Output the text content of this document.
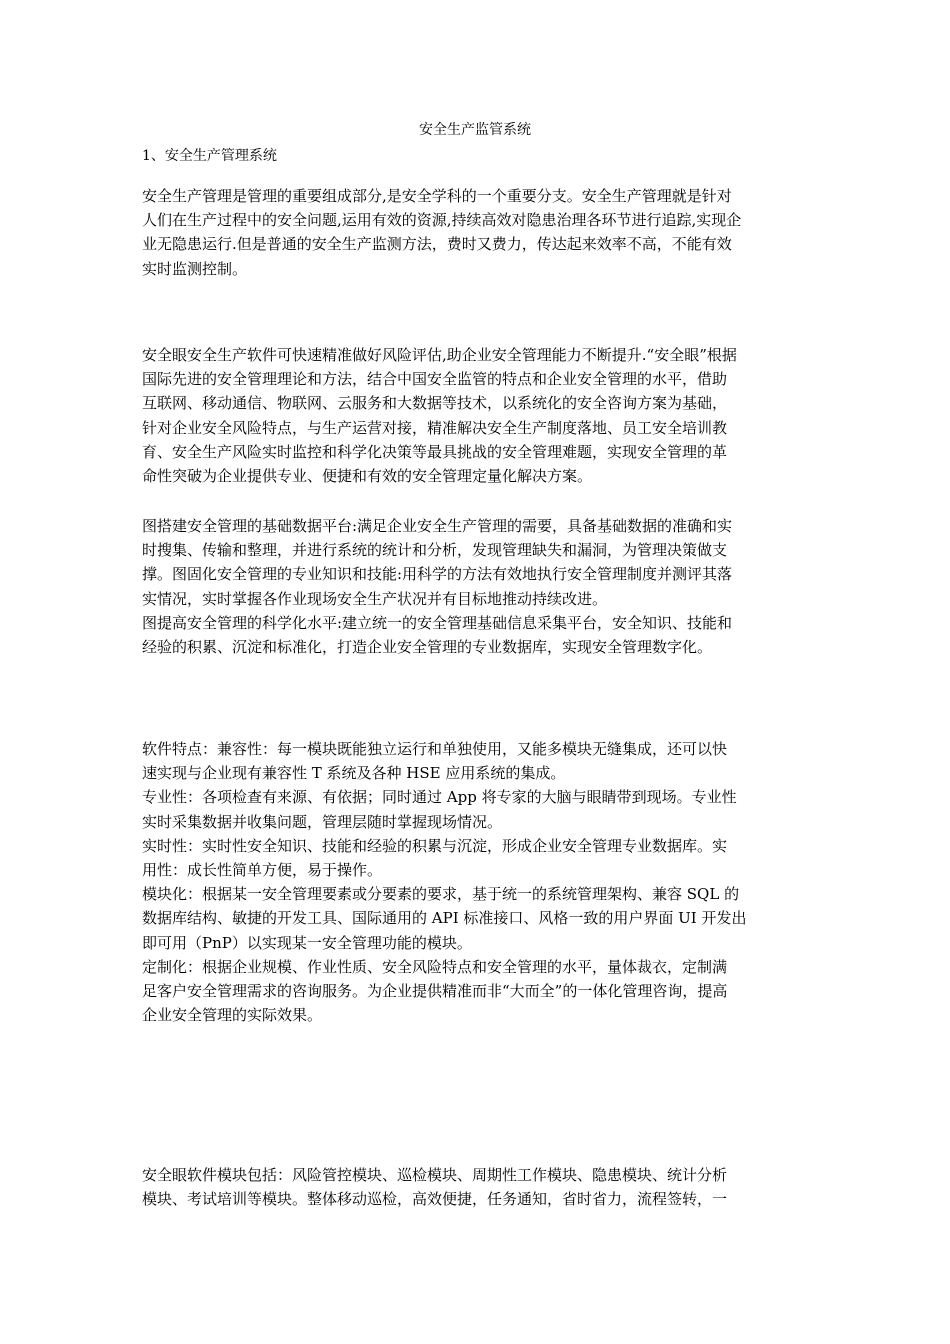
安全生产监管系统
1、安全生产管理系统
安全生产管理是管理的重要组成部分,是安全学科的一个重要分支。安全生产管理就是针对
人们在生产过程中的安全问题,运用有效的资源,持续高效对隐患治理各环节进行追踪,实现企
业无隐患运行.但是普通的安全生产监测方法，费时又费力，传达起来效率不高，不能有效
实时监测控制。
安全眼安全生产软件可快速精准做好风险评估,助企业安全管理能力不断提升.“安全眼”根据
国际先进的安全管理理论和方法，结合中国安全监管的特点和企业安全管理的水平，借助
互联网、移动通信、物联网、云服务和大数据等技术，以系统化的安全咨询方案为基础，
针对企业安全风险特点，与生产运营对接，精准解决安全生产制度落地、员工安全培训教
育、安全生产风险实时监控和科学化决策等最具挑战的安全管理难题，实现安全管理的革
命性突破为企业提供专业、便捷和有效的安全管理定量化解决方案。
图搭建安全管理的基础数据平台:满足企业安全生产管理的需要，具备基础数据的准确和实
时搜集、传输和整理，并进行系统的统计和分析，发现管理缺失和漏洞，为管理决策做支
撑。图固化安全管理的专业知识和技能:用科学的方法有效地执行安全管理制度并测评其落
实情况，实时掌握各作业现场安全生产状况并有目标地推动持续改进。
图提高安全管理的科学化水平:建立统一的安全管理基础信息采集平台，安全知识、技能和
经验的积累、沉淀和标准化，打造企业安全管理的专业数据库，实现安全管理数字化。
软件特点：兼容性：每一模块既能独立运行和单独使用，又能多模块无缝集成，还可以快
速实现与企业现有兼容性 T 系统及各种 HSE 应用系统的集成。
专业性：各项检查有来源、有依据；同时通过 App 将专家的大脑与眼睛带到现场。专业性
实时采集数据并收集问题，管理层随时掌握现场情况。
实时性：实时性安全知识、技能和经验的积累与沉淀，形成企业安全管理专业数据库。实
用性：成长性简单方便，易于操作。
模块化：根据某一安全管理要素或分要素的要求，基于统一的系统管理架构、兼容 SQL 的
数据库结构、敏捷的开发工具、国际通用的 API 标准接口、风格一致的用户界面 UI 开发出
即可用（PnP）以实现某一安全管理功能的模块。
定制化：根据企业规模、作业性质、安全风险特点和安全管理的水平，量体裁衣，定制满
足客户安全管理需求的咨询服务。为企业提供精准而非“大而全”的一体化管理咨询，提高
企业安全管理的实际效果。
安全眼软件模块包括：风险管控模块、巡检模块、周期性工作模块、隐患模块、统计分析
模块、考试培训等模块。整体移动巡检，高效便捷，任务通知，省时省力，流程签转，一
